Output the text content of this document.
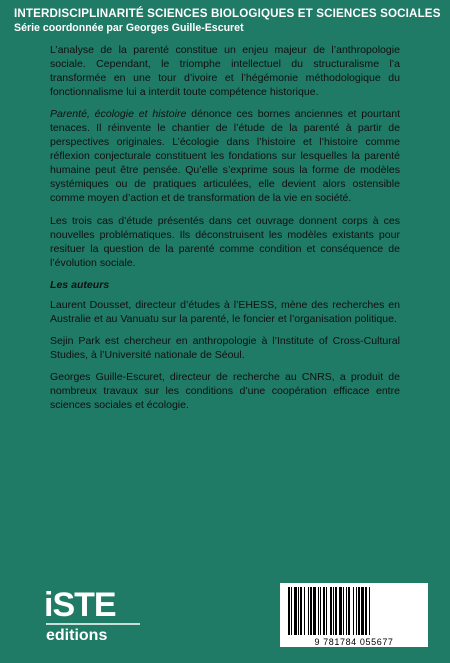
INTERDISCIPLINARITÉ SCIENCES BIOLOGIQUES ET SCIENCES SOCIALES
Série coordonnée par Georges Guille-Escuret

L’analyse de la parenté constitue un enjeu majeur de l’anthropologie sociale. Cependant, le triomphe intellectuel du structuralisme l’a transformée en une tour d’ivoire et l’hégémonie méthodologique du fonctionnalisme lui a interdit toute compétence historique.

Parenté, écologie et histoire dénonce ces bornes anciennes et pourtant tenaces. Il réinvente le chantier de l’étude de la parenté à partir de perspectives originales. L’écologie dans l’histoire et l’histoire comme réflexion conjecturale constituent les fondations sur lesquelles la parenté humaine peut être pensée. Qu’elle s’exprime sous la forme de modèles systémiques ou de pratiques articulées, elle devient alors ostensible comme moyen d’action et de transformation de la vie en société.

Les trois cas d’étude présentés dans cet ouvrage donnent corps à ces nouvelles problématiques. Ils déconstruisent les modèles existants pour resituer la question de la parenté comme condition et conséquence de l’évolution sociale.

Les auteurs

Laurent Dousset, directeur d’études à l’EHESS, mène des recherches en Australie et au Vanuatu sur la parenté, le foncier et l’organisation politique.

Sejin Park est chercheur en anthropologie à l’Institute of Cross-Cultural Studies, à l’Université nationale de Séoul.

Georges Guille-Escuret, directeur de recherche au CNRS, a produit de nombreux travaux sur les conditions d’une coopération efficace entre sciences sociales et écologie.

iSTE
editions	9 781784 055677
